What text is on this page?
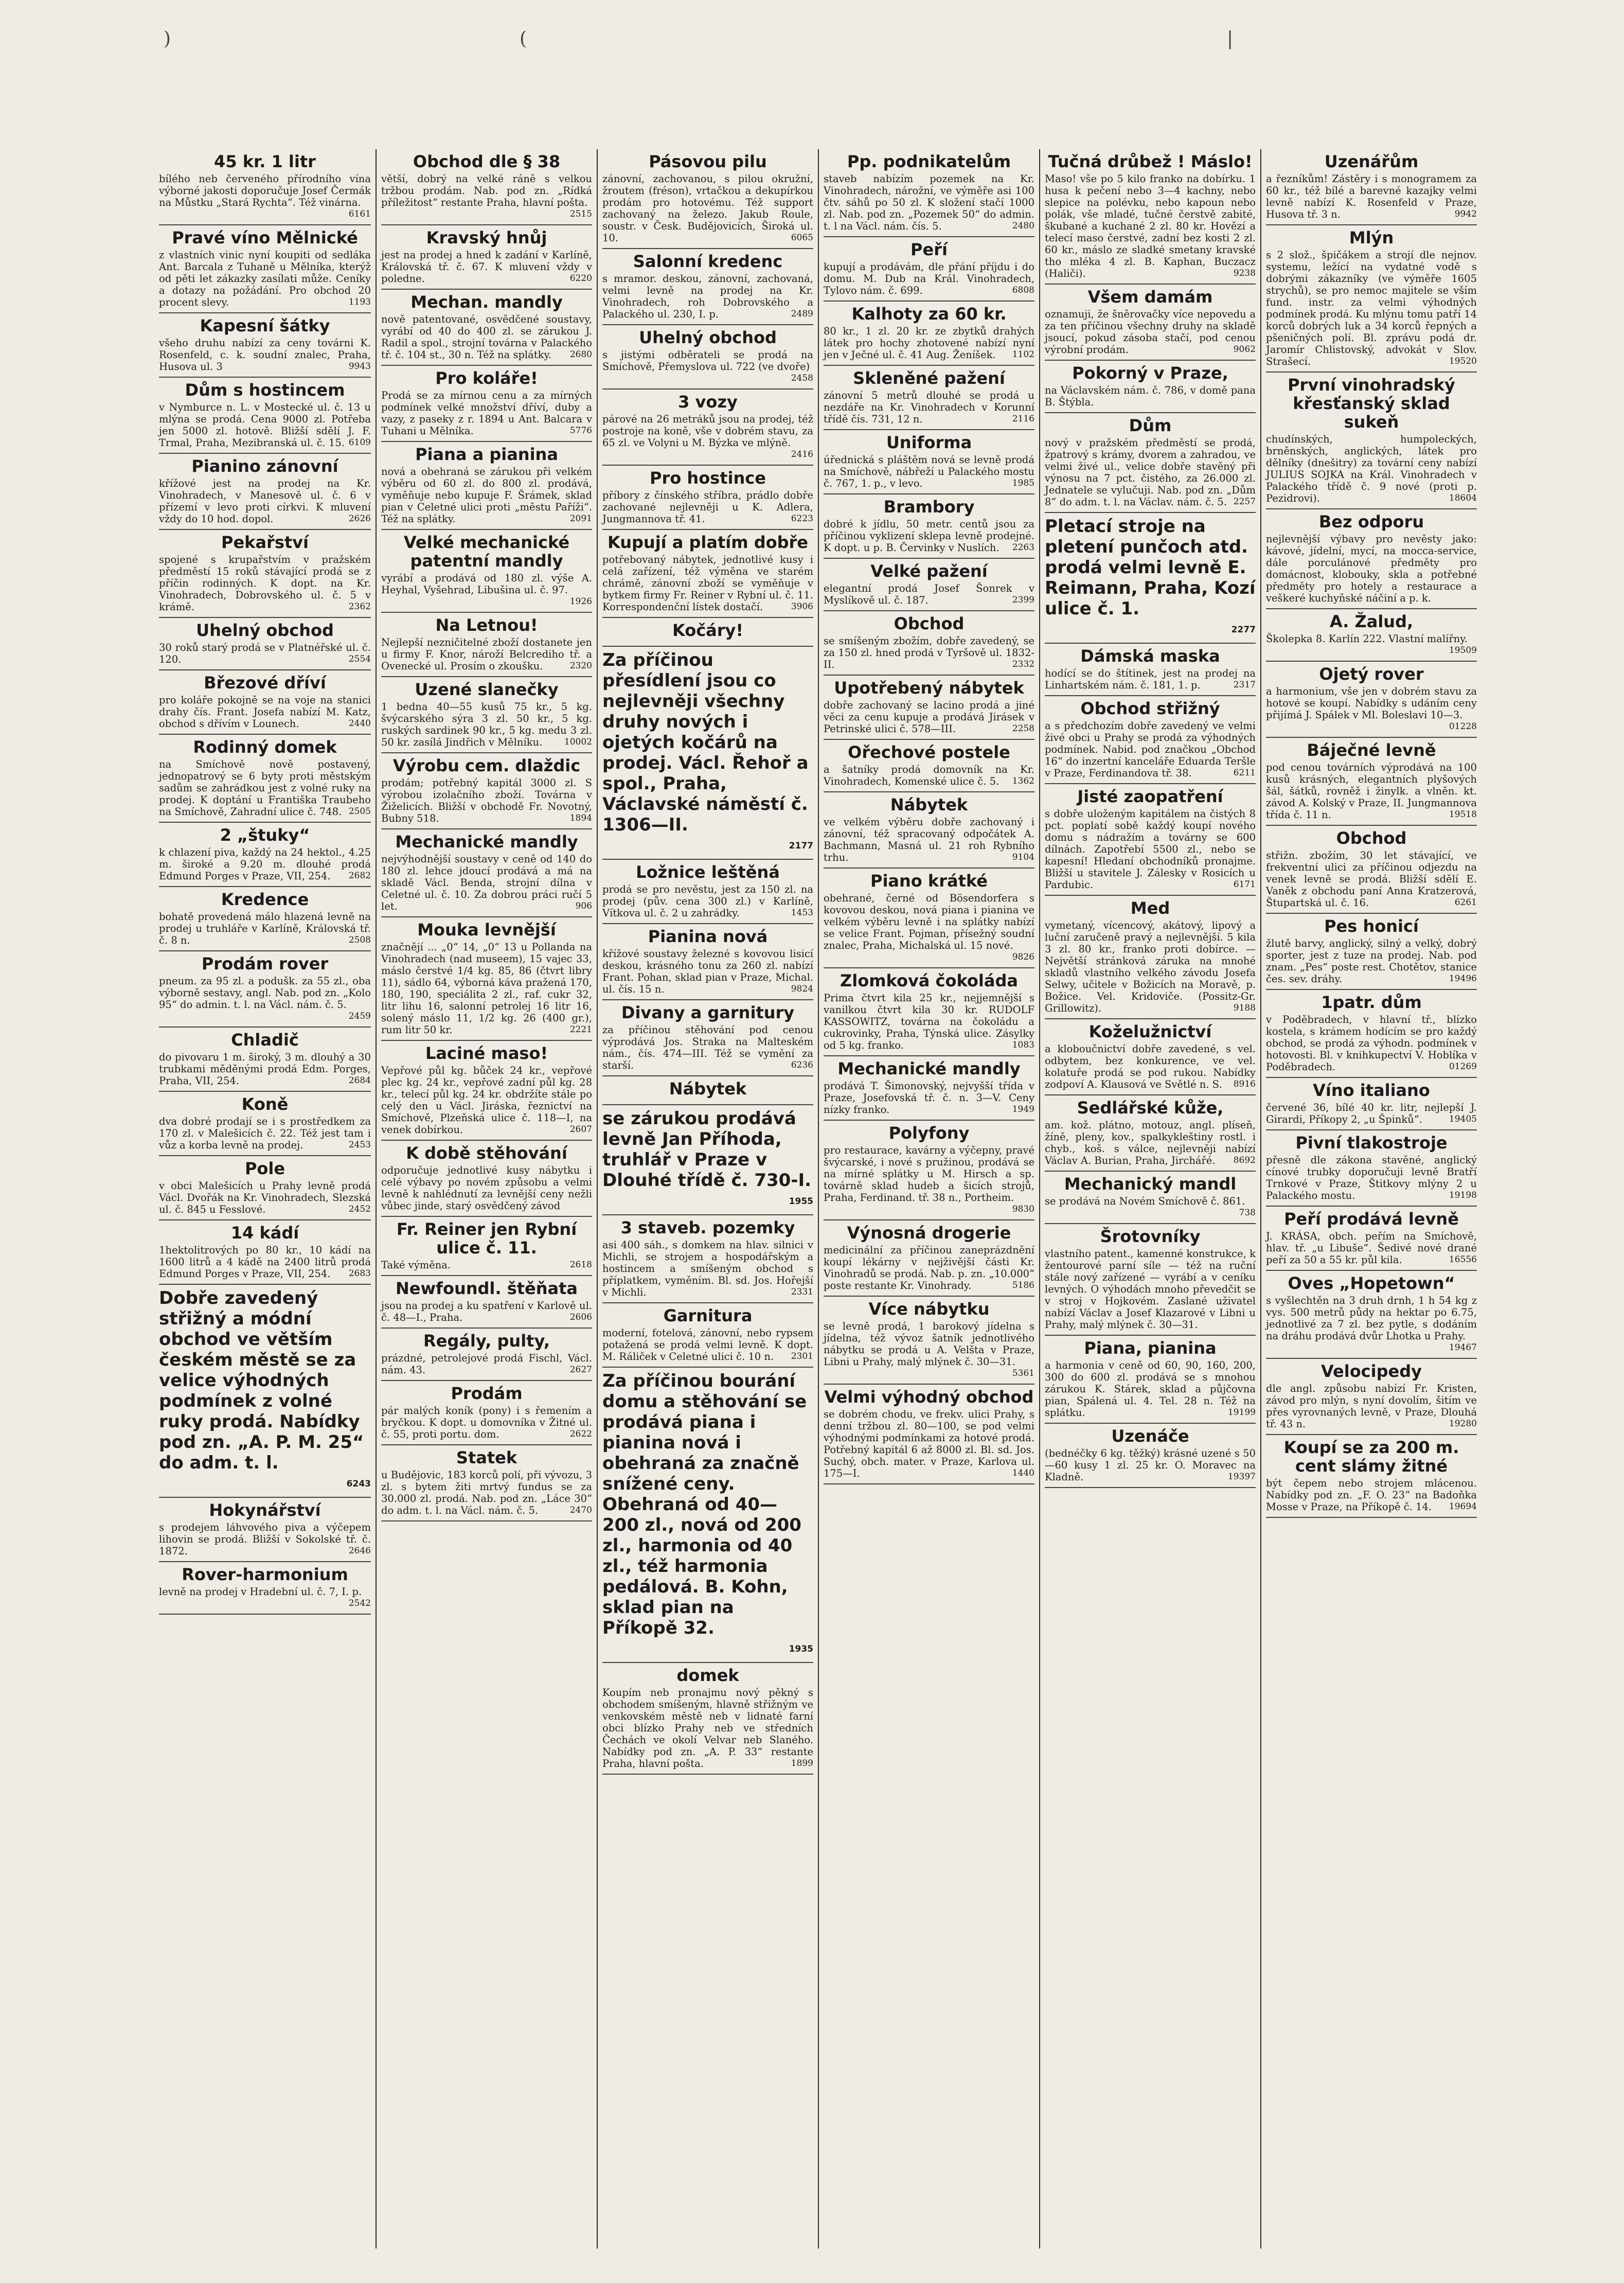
)	(	|
45 kr. 1 litr

bílého neb červeného přírodního vína výborné jakosti doporučuje Josef Čermák na Můstku „Stará Rychta“. Též vinárna.
6161

Pravé víno Mělnické

z vlastních vinic nyní koupiti od sedláka Ant. Barcala z Tuhaně u Mělníka, kterýž od pěti let zákazky zasílati může. Ceníky a dotazy na požádání. Pro obchod 20 procent slevy.	1193

Kapesní šátky

všeho druhu nabízí za ceny továrni K. Rosenfeld, c. k. soudní znalec, Praha, Husova ul. 3	9943

Dům s hostincem

v Nymburce n. L. v Mostecké ul. č. 13 u mlýna se prodá. Cena 9000 zl. Potřeba jen 5000 zl. hotově. Bližší sdělí J. F. Trmal, Praha, Mezibranská ul. č. 15. 6109

Pianino zánovní

křížové jest na prodej na Kr. Vinohradech, v Manesově ul. č. 6 v přízemí v levo proti církvi. K mluvení vždy do 10 hod. dopol.	2626

Pekařství

spojené s krupařstvím v pražském předměstí 15 roků stávající prodá se z příčin rodinných. K dopt. na Kr. Vinohradech, Dobrovského ul. č. 5 v krámě.	2362

Uhelný obchod

30 roků starý prodá se v Platnéřské ul. č. 120.	2554

Březové dříví

pro koláře pokojně se na voje na stanici drahy čís. Frant. Josefa nabízí M. Katz, obchod s dřívím v Lounech.	2440

Rodinný domek

na Smíchově nově postavený, jednopatrový se 6 byty proti městským sadům se zahrádkou jest z volné ruky na prodej. K doptání u Františka Traubeho na Smíchově, Zahradní ulice č. 748. 2505

2 „štuky“

k chlazení piva, každý na 24 hektol., 4.25 m. široké a 9.20 m. dlouhé prodá Edmund Porges v Praze, VII, 254. 2682

Kredence

bohatě provedená málo hlazená levně na prodej u truhláře v Karlíně, Královská tř. č. 8 n.	2508

Prodám rover

pneum. za 95 zl. a podušk. za 55 zl., oba výborně sestavy, angl. Nab. pod zn. „Kolo 95“ do admin. t. l. na Václ. nám. č. 5.
2459

Chladič

do pivovaru 1 m. široký, 3 m. dlouhý a 30 trubkami měděnými prodá Edm. Porges, Praha, VII, 254.	2684

Koně

dva dobré prodají se i s prostředkem za 170 zl. v Malešicích č. 22. Též jest tam i vůz a korba levně na prodej.	2453

Pole

v obci Malešicích u Prahy levně prodá Václ. Dvořák na Kr. Vinohradech, Slezská ul. č. 845 u Fesslové.	2452

14 kádí

1hektolitrových po 80 kr., 10 kádí na 1600 litrů a 4 kádě na 2400 litrů prodá Edmund Porges v Praze, VII, 254. 2683

Dobře zavedený střižný a módní obchod ve větším českém městě se za velice výhodných podmínek z volné ruky prodá. Nabídky pod zn. „A. P. M. 25“ do adm. t. l.

6243

Hokynářství

s prodejem láhvového piva a výčepem lihovin se prodá. Bližší v Sokolské tř. č. 1872.	2646

Rover-harmonium

levně na prodej v Hradební ul. č. 7, I. p.
2542

Obchod dle § 38

větší, dobrý na velké ráně s velkou tržbou prodám. Nab. pod zn. „Rídká příležitost“ restante Praha, hlavní pošta.
2515

Kravský hnůj

jest na prodej a hned k zadání v Karlíně, Královská tř. č. 67. K mluvení vždy v poledne.	6220

Mechan. mandly

nově patentované, osvědčené soustavy, vyrábí od 40 do 400 zl. se zárukou J. Radil a spol., strojní továrna v Palackého tř. č. 104 st., 30 n. Též na splátky. 2680

Pro koláře!

Prodá se za mírnou cenu a za mírných podmínek velké množství dříví, duby a vazy, z paseky z r. 1894 u Ant. Balcara v Tuhani u Mělníka.	5776

Piana a pianina

nová a obehraná se zárukou při velkém výběru od 60 zl. do 800 zl. prodává, vyměňuje nebo kupuje F. Šrámek, sklad pian v Celetné ulici proti „městu Paříži“. Též na splátky.	2091

Velké mechanické patentní mandly

vyrábí a prodává od 180 zl. výše A. Heyhal, Vyšehrad, Libušina ul. č. 97.
1926

Na Letnou!

Nejlepší nezničitelné zboží dostanete jen u firmy F. Knor, nároží Belcrediho tř. a Ovenecké ul. Prosím o zkoušku.	2320

Uzené slanečky

1 bedna 40—55 kusů 75 kr., 5 kg. švýcarského sýra 3 zl. 50 kr., 5 kg. ruských sardinek 90 kr., 5 kg. medu 3 zl. 50 kr. zasílá Jindřich v Mělníku.	10002

Výrobu cem. dlaždic

prodám; potřebný kapitál 3000 zl. S výrobou izolačního zboží. Továrna v Žiželicích. Bližší v obchodě Fr. Novotný, Bubny 518.	1894

Mechanické mandly

nejvýhodnější soustavy v ceně od 140 do 180 zl. lehce jdoucí prodává a má na skladě Václ. Benda, strojní dílna v Celetné ul. č. 10. Za dobrou práci ručí 5 let.	906

Mouka levnější

značnějí ... „0“ 14, „0“ 13 u Pollanda na Vinohradech (nad museem), 15 vajec 33, máslo čerstvé 1/4 kg. 85, 86 (čtvrt libry 11), sádlo 64, výborná káva pražená 170, 180, 190, speciálita 2 zl., raf. cukr 32, litr lihu 16, salonní petrolej 16 litr 16, solený máslo 11, 1/2 kg. 26 (400 gr.), rum litr 50 kr.	2221

Laciné maso!

Vepřové půl kg. bůček 24 kr., vepřové plec kg. 24 kr., vepřové zadní půl kg. 28 kr., telecí půl kg. 24 kr. obdržíte stále po celý den u Václ. Jiráska, řeznictví na Smíchově, Plzeňská ulice č. 118—I, na venek dobírkou.	2607

K době stěhování

odporučuje jednotlivé kusy nábytku i celé výbavy po novém způsobu a velmi levně k nahlédnutí za levnější ceny nežli vůbec jinde, starý osvědčený závod

Fr. Reiner jen Rybní ulice č. 11.

Také výměna.	2618

Newfoundl. štěňata

jsou na prodej a ku spatření v Karlově ul. č. 48—I., Praha.	2606

Regály, pulty,

prázdné, petrolejové prodá Fischl, Václ. nám. 43.	2627

Prodám

pár malých koník (pony) i s řemením a bryčkou. K dopt. u domovníka v Žitné ul. č. 55, proti portu. dom.	2622

Statek

u Budějovic, 183 korců polí, při vývozu, 3 zl. s bytem žiti mrtvý fundus se za 30.000 zl. prodá. Nab. pod zn. „Láce 30“ do adm. t. l. na Václ. nám. č. 5.	2470

Pásovou pilu

zánovní, zachovanou, s pilou okružní, žroutem (fréson), vrtačkou a dekupírkou prodám pro hotovému. Též support zachovaný na železo. Jakub Roule, soustr. v Česk. Budějovicích, Široká ul. 10.	6065

Salonní kredenc

s mramor. deskou, zánovní, zachovaná, velmi levně na prodej na Kr. Vinohradech, roh Dobrovského a Palackého ul. 230, I. p.	2489

Uhelný obchod

s jistými odběrateli se prodá na Smíchově, Přemyslova ul. 722 (ve dvoře)
2458

3 vozy

párové na 26 metráků jsou na prodej, též postroje na koně, vše v dobrém stavu, za 65 zl. ve Volyni u M. Býzka ve mlýně.
2416

Pro hostince

příbory z čínského stříbra, prádlo dobře zachované nejlevněji u K. Adlera, Jungmannova tř. 41.	6223

Kupují a platím dobře

potřebovaný nábytek, jednotlivé kusy i celá zařízení, též výměna ve starém chrámě, zánovní zboží se vyměňuje v bytkem firmy Fr. Reiner v Rybní ul. č. 11. Korrespondenční lístek dostačí.	3906

Kočáry!

Za příčinou přesídlení jsou co nejlevněji všechny druhy nových i ojetých kočárů na prodej. Václ. Řehoř a spol., Praha, Václavské náměstí č. 1306—II.

2177

Ložnice leštěná

prodá se pro nevěstu, jest za 150 zl. na prodej (pův. cena 300 zl.) v Karlíně, Vítkova ul. č. 2 u zahrádky.	1453

Pianina nová

křížové soustavy železné s kovovou lisicí deskou, krásného tonu za 260 zl. nabízí Frant. Pohan, sklad pian v Praze, Michal. ul. čís. 15 n.	9824

Divany a garnitury

za příčinou stěhování pod cenou výprodává Jos. Straka na Malteském nám., čís. 474—III. Též se vymění za starší.	6236

Nábytek

se zárukou prodává levně Jan Příhoda, truhlář v Praze v Dlouhé třídě č. 730-I.

1955

3 staveb. pozemky

asi 400 sáh., s domkem na hlav. silnici v Michli, se strojem a hospodářským a hostincem a smíšeným obchod s příplatkem, vyměním. Bl. sd. Jos. Hořejší v Michli.	2331

Garnitura

moderní, fotelová, zánovní, nebo rypsem potažená se prodá velmi levně. K dopt. M. Ráliček v Celetné ulici č. 10 n. 2301

Za příčinou bourání domu a stěhování se prodává piana i pianina nová i obehraná za značně snížené ceny. Obehraná od 40—200 zl., nová od 200 zl., harmonia od 40 zl., též harmonia pedálová. B. Kohn, sklad pian na Příkopě 32.

1935

domek

Koupím neb pronajmu nový pěkný s obchodem smíšeným, hlavně střižným ve venkovském městě neb v lidnaté farní obci blízko Prahy neb ve středních Čechách ve okolí Velvar neb Slaného. Nabídky pod zn. „A. P. 33“ restante Praha, hlavní pošta.	1899

Pp. podnikatelům

staveb nabízím pozemek na Kr. Vinohradech, nárožní, ve výměře asi 100 čtv. sáhů po 50 zl. K složení stačí 1000 zl. Nab. pod zn. „Pozemek 50“ do admin. t. l na Václ. nám. čís. 5.	2480

Peří

kupují a prodávám, dle přání příjdu i do domu. M. Dub na Král. Vinohradech, Tylovo nám. č. 699.	6808

Kalhoty za 60 kr.

80 kr., 1 zl. 20 kr. ze zbytků drahých látek pro hochy zhotovené nabízí nyní jen v Ječné ul. č. 41 Aug. Ženíšek. 1102

Skleněné pažení

zánovní 5 metrů dlouhé se prodá u nezdáře na Kr. Vinohradech v Korunní třídě čís. 731, 12 n.	2116

Uniforma

úřednická s pláštěm nová se levně prodá na Smíchově, nábřeží u Palackého mostu č. 767, 1. p., v levo.	1985

Brambory

dobré k jídlu, 50 metr. centů jsou za příčinou vyklizení sklepa levně prodejné. K dopt. u p. B. Červinky v Nuslích. 2263

Velké pažení

elegantní prodá Josef Šonrek v Myslíkově ul. č. 187.	2399

Obchod

se smíšeným zbožím, dobře zavedený, se za 150 zl. hned prodá v Tyršově ul. 1832-II.	2332

Upotřebený nábytek

dobře zachovaný se lacino prodá a jiné věci za cenu kupuje a prodává Jirásek v Petrinské ulici č. 578—III.	2258

Ořechové postele

a šatníky prodá domovník na Kr. Vinohradech, Komenské ulice č. 5. 1362

Nábytek

ve velkém výběru dobře zachovaný i zánovní, též spracovaný odpočátek A. Bachmann, Masná ul. 21 roh Rybního trhu.	9104

Piano krátké

obehrané, černé od Bösendorfera s kovovou deskou, nová piana i pianina ve velkém výběru levně i na splátky nabízí se velice Frant. Pojman, přísežný soudní znalec, Praha, Michalská ul. 15 nové.
9826

Zlomková čokoláda

Prima čtvrt kila 25 kr., nejjemnější s vanilkou čtvrt kila 30 kr. RUDOLF KASSOWITZ, továrna na čokoládu a cukrovinky, Praha, Týnská ulice. Zásylky od 5 kg. franko.	1083

Mechanické mandly

prodává T. Šimonovský, nejvyšší třída v Praze, Josefovská tř. č. n. 3—V. Ceny nízky franko.	1949

Polyfony

pro restaurace, kavárny a výčepny, pravé švýcarské, i nové s pružinou, prodává se na mírné splátky u M. Hirsch a sp. továrně sklad hudeb a šicích strojů, Praha, Ferdinand. tř. 38 n., Portheim.
9830

Výnosná drogerie

medicinální za příčinou zaneprázdnění koupí lékárny v nejživější části Kr. Vinohradů se prodá. Nab. p. zn. „10.000“ poste restante Kr. Vinohrady.	5186

Více nábytku

se levně prodá, 1 barokový jídelna s jídelna, též vývoz šatník jednotlivého nábytku se prodá u A. Velšta v Praze, Libni u Prahy, malý mlýnek č. 30—31.
5361

Velmi výhodný obchod

se dobrém chodu, ve frekv. ulici Prahy, s denní tržbou zl. 80—100, se pod velmi výhodnými podmínkami za hotové prodá. Potřebný kapitál 6 až 8000 zl. Bl. sd. Jos. Suchý, obch. mater. v Praze, Karlova ul. 175—I.	1440

Tučná drůbež ! Máslo!

Maso! vše po 5 kilo franko na dobírku. 1 husa k pečení nebo 3—4 kachny, nebo slepice na polévku, nebo kapoun nebo polák, vše mladé, tučné čerstvě zabité, škubané a kuchané 2 zl. 80 kr. Hovězí a telecí maso čerstvé, zadní bez kosti 2 zl. 60 kr., máslo ze sladké smetany kravské tho mléka 4 zl. B. Kaphan, Buczacz (Haliči).	9238

Všem damám

oznamuji, že šněrovačky více nepovedu a za ten příčinou všechny druhy na skladě jsoucí, pokud zásoba stačí, pod cenou výrobní prodám.	9062

Pokorný v Praze,

na Václavském nám. č. 786, v domě pana B. Štýbla.

Dům

nový v pražském předměstí se prodá, žpatrový s krámy, dvorem a zahradou, ve velmi živé ul., velice dobře stavěný při výnosu na 7 pct. čistého, za 26.000 zl. Jednatele se vylučuji. Nab. pod zn. „Dům 8“ do adm. t. l. na Václav. nám. č. 5. 2257

Pletací stroje na pletení punčoch atd. prodá velmi levně E. Reimann, Praha, Kozí ulice č. 1.

2277

Dámská maska

hodící se do štítinek, jest na prodej na Linhartském nám. č. 181, 1. p.	2317

Obchod střižný

a s předchozím dobře zavedený ve velmi živé obci u Prahy se prodá za výhodných podmínek. Nabid. pod značkou „Obchod 16“ do inzertní kanceláře Eduarda Teršle v Praze, Ferdinandova tř. 38.	6211

Jisté zaopatření

s dobře uloženým kapitálem na čistých 8 pct. poplatí sobě každý koupí nového domu s nádražím a továrny se 600 dílnách. Zapotřebí 5500 zl., nebo se kapesní! Hledaní obchodníků pronajme. Bližší u stavitele J. Zálesky v Rosicích u Pardubic.	6171

Med

vymetaný, vícencový, akátový, lipový a luční zaručeně pravý a nejlevnější. 5 kila 3 zl. 80 kr., franko proti dobírce. — Největší stránková záruka na mnohé skladů vlastního velkého závodu Josefa Selwy, učitele v Božicích na Moravě, p. Božice. Vel. Kridoviče. (Possitz-Gr. Grillowitz).	9188

Koželužnictví

a kloboučnictví dobře zavedené, s vel. odbytem, bez konkurence, ve vel. kolatuře prodá se pod rukou. Nabídky zodpoví A. Klausová ve Světlé n. S. 8916

Sedlářské kůže,

am. kož. plátno, motouz, angl. plíseň, žíně, pleny, kov., spalkykleštiny rostl. i chyb., koš. s válce, nejlevněji nabízí Václav A. Burian, Praha, Jirchářé. 8692

Mechanický mandl

se prodává na Novém Smíchově č. 861.
738

Šrotovníky

vlastního patent., kamenné konstrukce, k žentourové parní síle — též na ruční stále nový zařízené — vyrábí a v ceníku levných. O výhodách mnoho převedčit se v stroj v Hojkovém. Zaslané uživatel nabízí Václav a Josef Klazarové v Libni u Prahy, malý mlýnek č. 30—31.

Piana, pianina

a harmonia v ceně od 60, 90, 160, 200, 300 do 600 zl. prodává se s mnohou zárukou K. Stárek, sklad a půjčovna pian, Spálená ul. 4. Tel. 28 n. Též na splátku.	19199

Uzenáče

(bednéčky 6 kg. těžký) krásné uzené s 50—60 kusy 1 zl. 25 kr. O. Moravec na Kladně.	19397

Uzenářům

a řezníkům! Zástěry i s monogramem za 60 kr., též bílé a barevné kazajky velmi levně nabízí K. Rosenfeld v Praze, Husova tř. 3 n.	9942

Mlýn

s 2 slož., špičákem a strojí dle nejnov. systemu, ležící na vydatné vodě s dobrými zákazníky (ve výměře 1605 strychů), se pro nemoc majitele se vším fund. instr. za velmi výhodných podmínek prodá. Ku mlýnu tomu patří 14 korců dobrých luk a 34 korců řepných a pšeničných polí. Bl. zprávu podá dr. Jaromír Chlistovský, advokát v Slov. Strašecí.	19520

První vinohradský křesťanský sklad sukeň

chudínských, humpoleckých, brněnských, anglických, látek pro dělníky (dnešitry) za tovární ceny nabízí JULIUS SOJKA na Král. Vinohradech v Palackého třídě č. 9 nové (proti p. Pezidrovi).	18604

Bez odporu

nejlevnější výbavy pro nevěsty jako: kávové, jídelní, mycí, na mocca-service, dále porculánové předměty pro domácnost, klobouky, skla a potřebné předměty pro hotely a restaurace a veškeré kuchyňské náčiní a p. k.

A. Žalud,

Školepka 8. Karlín 222. Vlastní malířny.
19509

Ojetý rover

a harmonium, vše jen v dobrém stavu za hotové se koupí. Nabídky s udáním ceny přijímá J. Spálek v Ml. Boleslavi 10—3.
01228

Báječné levně

pod cenou továrních výprodává na 100 kusů krásných, elegantních plyšových šál, šátků, rovněž i žinylk. a vlněn. kt. závod A. Kolský v Praze, II. Jungmannova třída č. 11 n.	19518

Obchod

střižn. zbožím, 30 let stávající, ve frekventní ulici za příčinou odjezdu na venek levně se prodá. Bližší sdělí E. Vaněk z obchodu paní Anna Kratzerová, Štupartská ul. č. 16.	6261

Pes honicí

žlutě barvy, anglický, silný a velký, dobrý sporter, jest z tuze na prodej. Nab. pod znam. „Pes“ poste rest. Chotětov, stanice čes. sev. dráhy.	19496

1patr. dům

v Poděbradech, v hlavní tř., blízko kostela, s krámem hodícím se pro každý obchod, se prodá za výhodn. podmínek v hotovosti. Bl. v knihkupectví V. Hoblíka v Poděbradech.	01269

Víno italiano

červené 36, bílé 40 kr. litr, nejlepší J. Girardi, Příkopy 2, „u Špinků“.	19405

Pivní tlakostroje

přesně dle zákona stavěné, anglický cínové trubky doporučuji levně Bratří Trnkové v Praze, Štitkovy mlýny 2 u Palackého mostu.	19198

Peří prodává levně

J. KRÁSA, obch. peřím na Smíchově, hlav. tř. „u Libuše“. Šedivé nové drané peří za 50 a 55 kr. půl kila.	16556

Oves „Hopetown“

s vyšlechtěn na 3 druh drnh, 1 h 54 kg z vys. 500 metrů půdy na hektar po 6.75, jednotlivé za 7 zl. bez pytle, s dodáním na dráhu prodává dvůr Lhotka u Prahy.
19467

Velocipedy

dle angl. způsobu nabízí Fr. Kristen, závod pro mlýn, s nyní dovolím, šitím ve přes vyrovnaných levně, v Praze, Dlouhá tř. 43 n.	19280

Koupí se za 200 m. cent slámy žitné

být čepem nebo strojem mlácenou. Nabídky pod zn. „F. O. 23“ na Badoňka Mosse v Praze, na Příkopě č. 14. 19694
